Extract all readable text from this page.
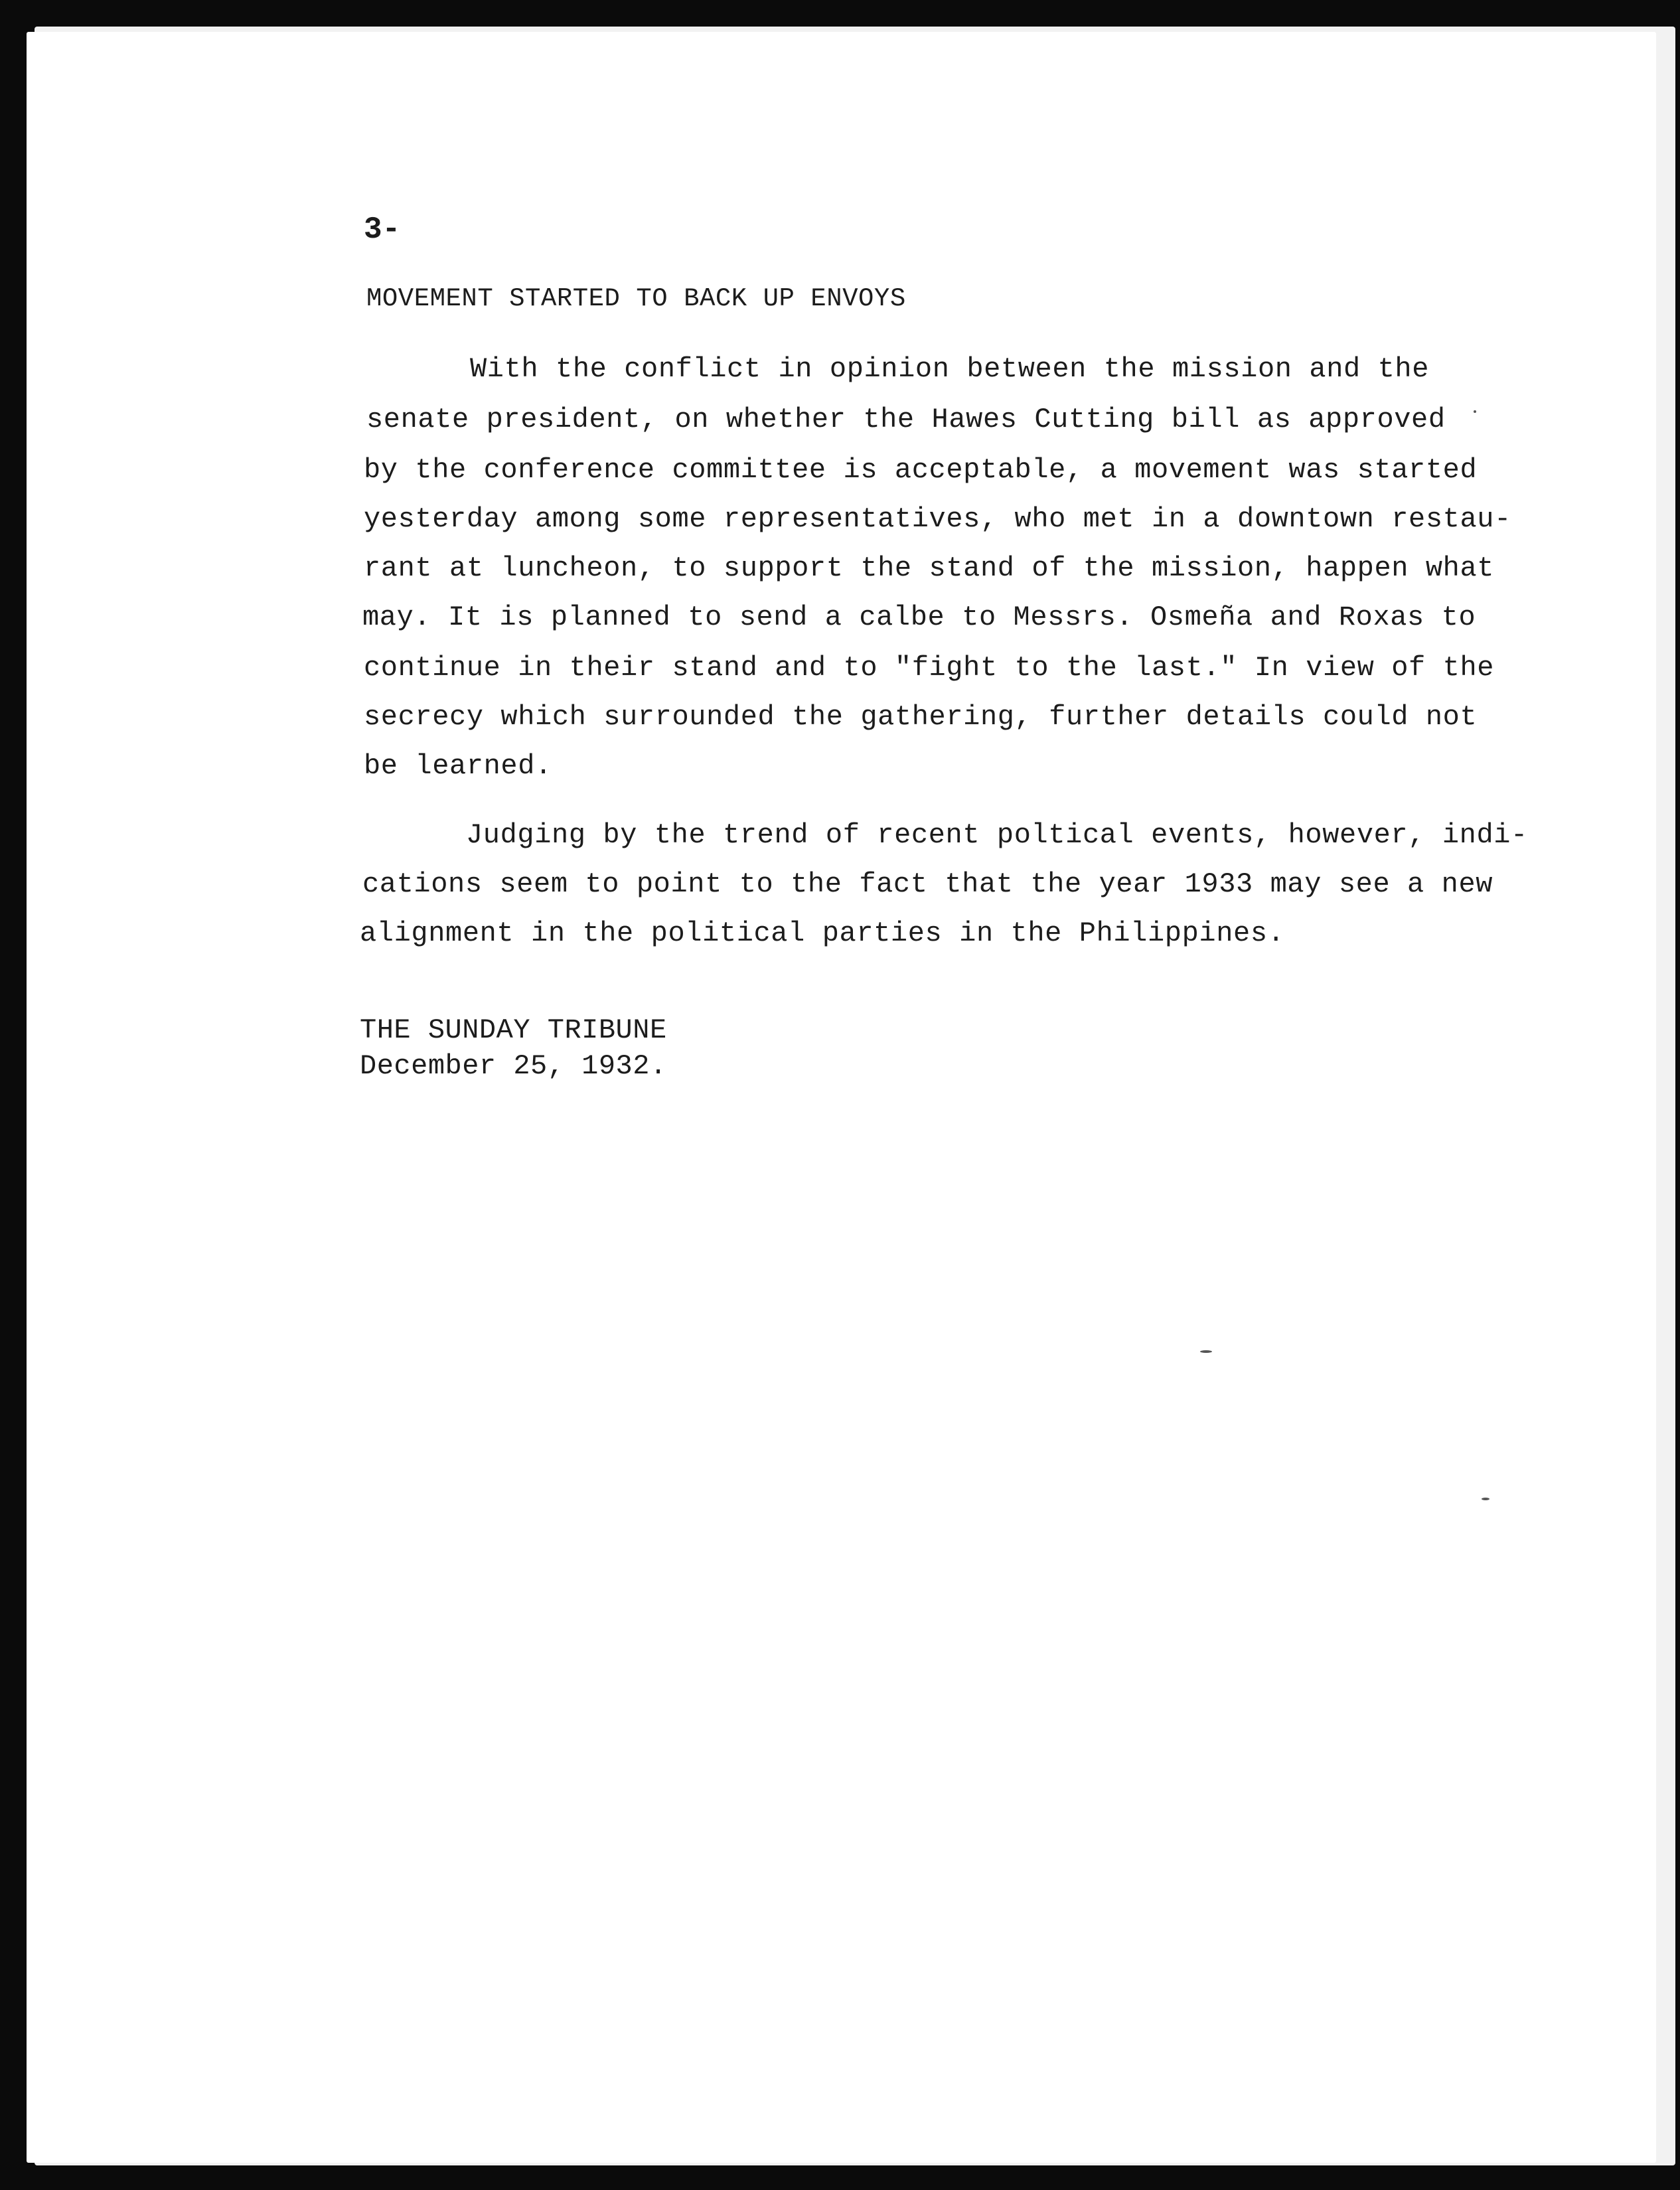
3-

MOVEMENT STARTED TO BACK UP ENVOYS

With the conflict in opinion between the mission and the

senate president, on whether the Hawes Cutting bill as approved

by the conference committee is acceptable, a movement was started

yesterday among some representatives, who met in a downtown restau-

rant at luncheon, to support the stand of the mission, happen what

may. It is planned to send a calbe to Messrs. Osmeña and Roxas to

continue in their stand and to "fight to the last." In view of the

secrecy which surrounded the gathering, further details could not

be learned.

Judging by the trend of recent poltical events, however, indi-

cations seem to point to the fact that the year 1933 may see a new

alignment in the political parties in the Philippines.

THE SUNDAY TRIBUNE

December 25, 1932.
